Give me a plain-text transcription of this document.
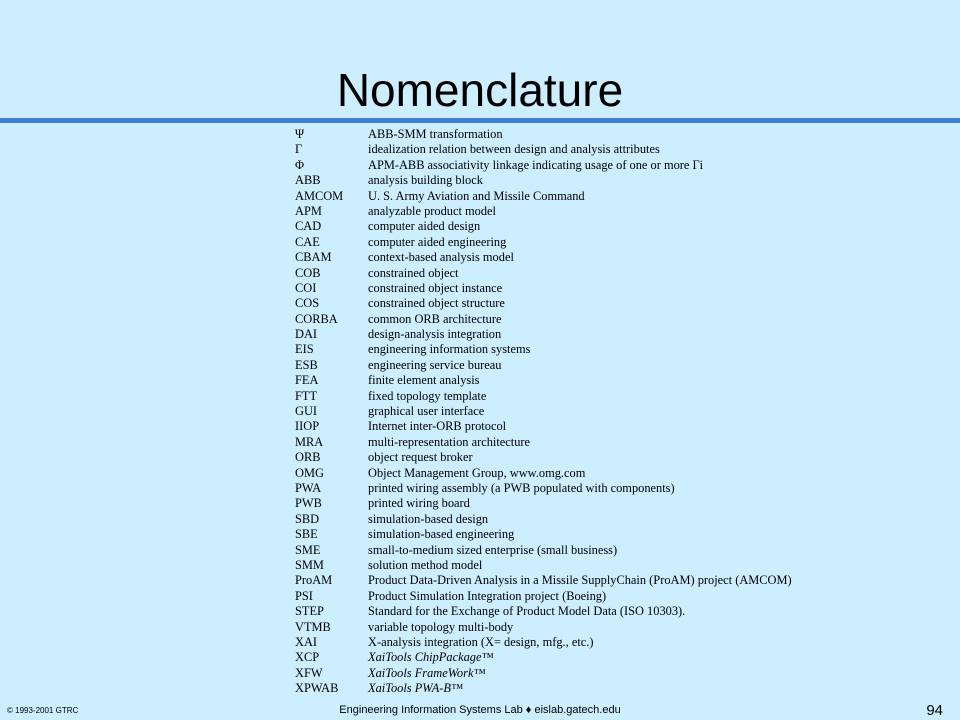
Nomenclature
Ψ	ABB-SMM transformation
Γ	idealization relation between design and analysis attributes
Φ	APM-ABB associativity linkage indicating usage of one or more Γi
ABB	analysis building block
AMCOM U. S. Army Aviation and Missile Command
APM	analyzable product model
CAD	computer aided design
CAE	computer aided engineering
CBAM	context-based analysis model
COB	constrained object
COI	constrained object instance
COS	constrained object structure
CORBA common ORB architecture
DAI	design-analysis integration
EIS	engineering information systems
ESB	engineering service bureau
FEA	finite element analysis
FTT	fixed topology template
GUI	graphical user interface
IIOP	Internet inter-ORB protocol
MRA	multi-representation architecture
ORB	object request broker
OMG	Object Management Group, www.omg.com
PWA	printed wiring assembly (a PWB populated with components)
PWB	printed wiring board
SBD	simulation-based design
SBE	simulation-based engineering
SME	small-to-medium sized enterprise (small business)
SMM	solution method model
ProAM	Product Data-Driven Analysis in a Missile SupplyChain (ProAM) project (AMCOM)
PSI	Product Simulation Integration project (Boeing)
STEP	Standard for the Exchange of Product Model Data (ISO 10303).
VTMB	variable topology multi-body
XAI	X-analysis integration (X= design, mfg., etc.)
XCP	XaiTools ChipPackage™
XFW	XaiTools FrameWork™
XPWAB XaiTools PWA-B™
© 1993-2001 GTRC	Engineering Information Systems Lab ♦ eislab.gatech.edu	94
